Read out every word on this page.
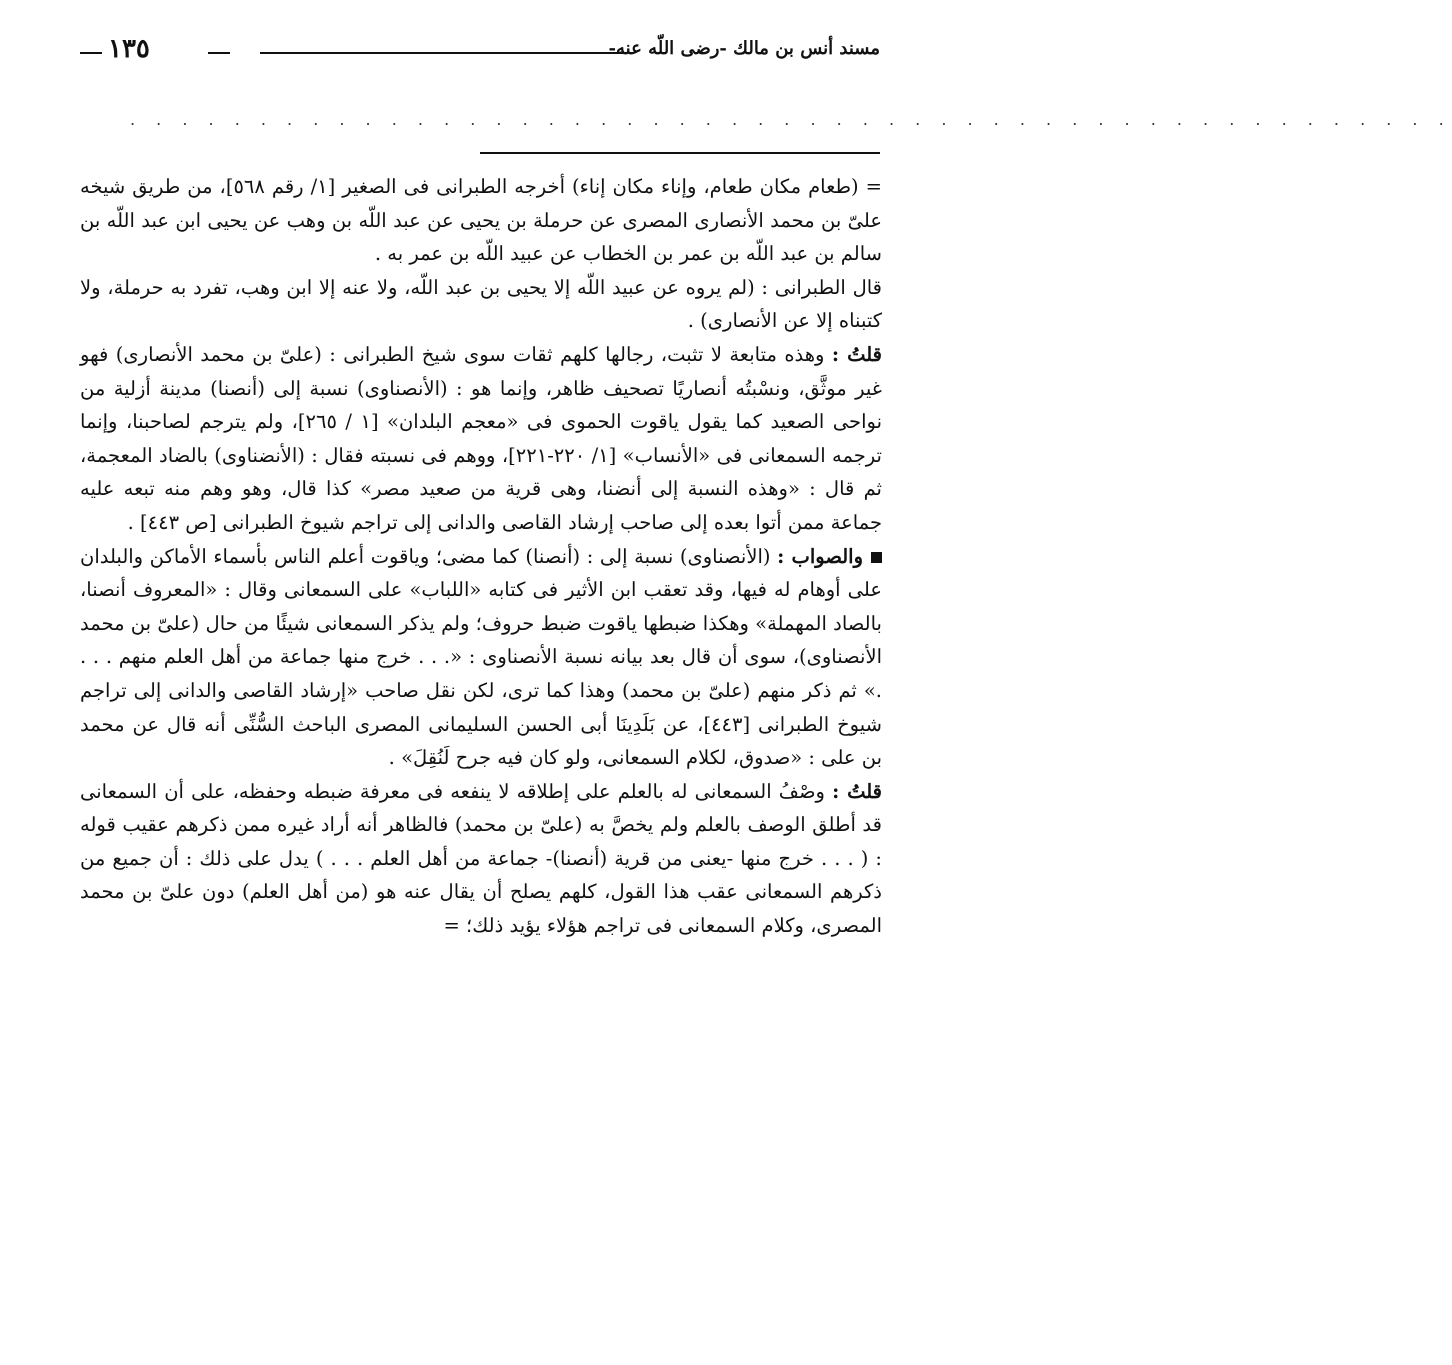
مسند أنس بن مالك -رضى اللّه عنه-
١٣٥
. . . . . . . . . . . . . . . . . . . . . . . . . . . . . . . . . . . . . . . . . . . . . . . . . . .

= (طعام مكان طعام، وإناء مكان إناء) أخرجه الطبرانى فى الصغير [١/ رقم ٥٦٨]، من طريق شيخه علىّ بن محمد الأنصارى المصرى عن حرملة بن يحيى عن عبد اللّه بن وهب عن يحيى ابن عبد اللّه بن سالم بن عبد اللّه بن عمر بن الخطاب عن عبيد اللّه بن عمر به .

قال الطبرانى : (لم يروه عن عبيد اللّه إلا يحيى بن عبد اللّه، ولا عنه إلا ابن وهب، تفرد به حرملة، ولا كتبناه إلا عن الأنصارى) .

قلتُ : وهذه متابعة لا تثبت، رجالها كلهم ثقات سوى شيخ الطبرانى : (علىّ بن محمد الأنصارى) فهو غير موثَّق، ونسْبتُه أنصاريًا تصحيف ظاهر، وإنما هو : (الأنصناوى) نسبة إلى (أنصنا) مدينة أزلية من نواحى الصعيد كما يقول ياقوت الحموى فى «معجم البلدان» [١ / ٢٦٥]، ولم يترجم لصاحبنا، وإنما ترجمه السمعانى فى «الأنساب» [١/ ٢٢٠-٢٢١]، ووهم فى نسبته فقال : (الأنضناوى) بالضاد المعجمة، ثم قال : «وهذه النسبة إلى أنضنا، وهى قرية من صعيد مصر» كذا قال، وهو وهم منه تبعه عليه جماعة ممن أتوا بعده إلى صاحب إرشاد القاصى والدانى إلى تراجم شيوخ الطبرانى [ص ٤٤٣] .

والصواب : (الأنصناوى) نسبة إلى : (أنصنا) كما مضى؛ وياقوت أعلم الناس بأسماء الأماكن والبلدان على أوهام له فيها، وقد تعقب ابن الأثير فى كتابه «اللباب» على السمعانى وقال : «المعروف أنصنا، بالصاد المهملة» وهكذا ضبطها ياقوت ضبط حروف؛ ولم يذكر السمعانى شيئًا من حال (علىّ بن محمد الأنصناوى)، سوى أن قال بعد بيانه نسبة الأنصناوى : «. . . خرج منها جماعة من أهل العلم منهم . . . .» ثم ذكر منهم (علىّ بن محمد) وهذا كما ترى، لكن نقل صاحب «إرشاد القاصى والدانى إلى تراجم شيوخ الطبرانى [٤٤٣]، عن بَلَدِينَا أبى الحسن السليمانى المصرى الباحث السُّنِّى أنه قال عن محمد بن على : «صدوق، لكلام السمعانى، ولو كان فيه جرح لَنُقِلَ» .

قلتُ : وصْفُ السمعانى له بالعلم على إطلاقه لا ينفعه فى معرفة ضبطه وحفظه، على أن السمعانى قد أطلق الوصف بالعلم ولم يخصَّ به (علىّ بن محمد) فالظاهر أنه أراد غيره ممن ذكرهم عقيب قوله : ( . . . خرج منها -يعنى من قرية (أنصنا)- جماعة من أهل العلم . . . ) يدل على ذلك : أن جميع من ذكرهم السمعانى عقب هذا القول، كلهم يصلح أن يقال عنه هو (من أهل العلم) دون علىّ بن محمد المصرى، وكلام السمعانى فى تراجم هؤلاء يؤيد ذلك؛ =
